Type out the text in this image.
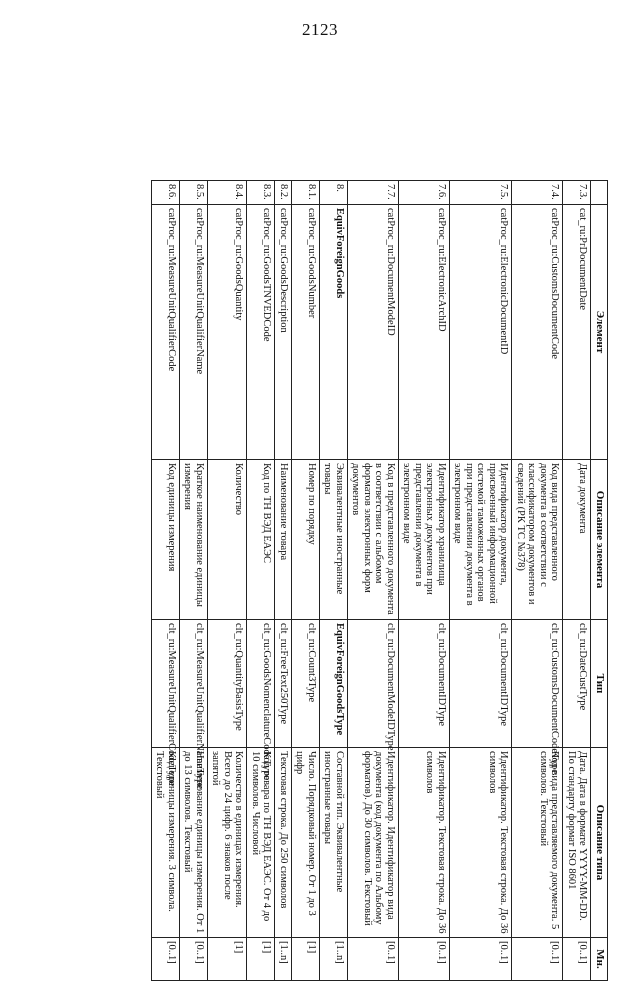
2123
	Элемент	Описание элемента	Тип	Описание типа	Мн.
7.3.	cat_ru:PrDocumentDate	Дата документа	clt_ru:DateCustType	Дата. Дата в формате YYYY-MM-DD. По стандарту формат ISO 8601	[0..1]
7.4.	catProc_ru:CustomsDocumentCode	Код вида представленного документа в соответствии с классификатором документов и сведений (РК ТС №378)	clt_ru:CustomsDocumentCodeType	Код вида представляемого документа. 5 символов. Текстовый	[0..1]
7.5.	catProc_ru:ElectronicDocumentID	Идентификатор документа, присвоенный информационной системой таможенных органов при представлении документа в электронном виде	clt_ru:DocumentIDType	Идентификатор. Текстовая строка. До 36 символов	[0..1]
7.6.	catProc_ru:ElectronicArchID	Идентификатор хранилища электронных документов при представлении документа в электронном виде	clt_ru:DocumentIDType	Идентификатор. Текстовая строка. До 36 символов	[0..1]
7.7.	catProc_ru:DocumentModeID	Код в представленного документа в соответствии с альбомом форматов электронных форм документов	clt_ru:DocumentModeIDType	Идентификатор. Идентификатор вида документа (код документа по Альбому форматов). До 30 символов. Текстовый	[0..1]
8.	EquivForeignGoods	Эквивалентные иностранные товары	EquivForeignGoodsType	Составной тип. Эквивалентные иностранные товары	[1..n]
8.1.	catProc_ru:GoodsNumber	Номер по порядку	clt_ru:Count3Type	Число. Порядковый номер. От 1 до 3 цифр	[1]
8.2.	catProc_ru:GoodsDescription	Наименование товара	clt_ru:FreeText250Type	Текстовая строка. До 250 символов	[1..n]
8.3.	catProc_ru:GoodsTNVEDCode	Код по ТН ВЭД ЕАЭС	clt_ru:GoodsNomenclatureCodeType	Код товара по ТН ВЭД ЕАЭС. От 4 до 10 символов. Числовой	[1]
8.4.	catProc_ru:GoodsQuantity	Количество	clt_ru:QuantityBasisType	Количество в единицах измерения. Всего до 24 цифр. 6 знаков после запятой	[1]
8.5.	catProc_ru:MeasureUnitQualifierName	Краткое наименование единицы измерения	clt_ru:MeasureUnitQualifierNameType	Наименование единицы измерения. От 1 до 13 символов. Текстовый	[0..1]
8.6.	catProc_ru:MeasureUnitQualifierCode	Код единицы измерения	clt_ru:MeasureUnitQualifierCodeType	Код единицы измерения. 3 символа. Текстовый	[0..1]
